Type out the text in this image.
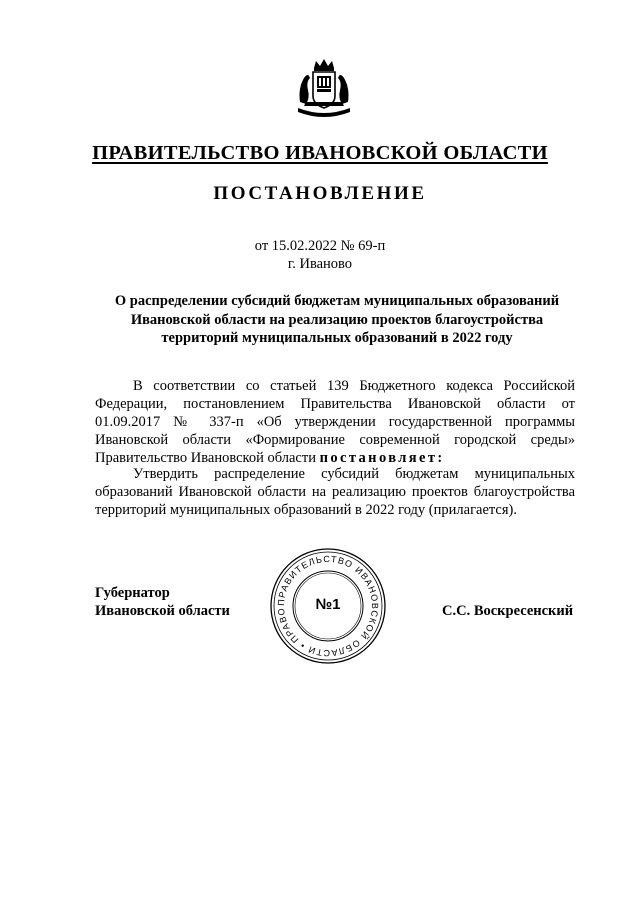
ПРАВИТЕЛЬСТВО ИВАНОВСКОЙ ОБЛАСТИ
ПОСТАНОВЛЕНИЕ
от 15.02.2022 № 69-п
г. Иваново
О распределении субсидий бюджетам муниципальных образований
Ивановской области на реализацию проектов благоустройства
территорий муниципальных образований в 2022 году
В соответствии со статьей 139 Бюджетного кодекса Российской Федерации, постановлением Правительства Ивановской области от 01.09.2017 № 337-п «Об утверждении государственной программы Ивановской области «Формирование современной городской среды» Правительство Ивановской области постановляет:
Утвердить распределение субсидий бюджетам муниципальных образований Ивановской области на реализацию проектов благоустройства территорий муниципальных образований в 2022 году (прилагается).
Губернатор
Ивановской области
ПРАВИТЕЛЬСТВО ИВАНОВСКОЙ ОБЛАСТИ • ПРАВО	№1	С.С. Воскресенский
